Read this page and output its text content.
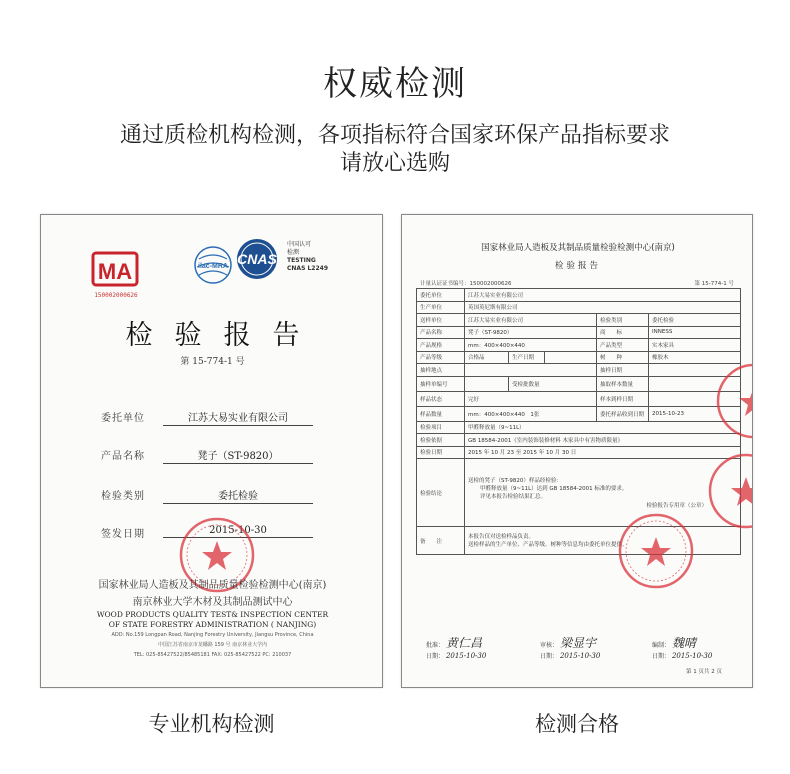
权威检测
通过质检机构检测，各项指标符合国家环保产品指标要求
请放心选购
MA
150002000626
ilac-MRA CNAS
中国认可
检测
TESTING
CNAS L2249
检验报告
第 15-774-1 号
委托单位	江苏大易实业有限公司
产品名称	凳子（ST-9820）
检验类别	委托检验
签发日期	2015-10-30
国家林业局人造板及其制品质量检验检测中心(南京)
南京林业大学木材及其制品测试中心
WOOD PRODUCTS QUALITY TEST& INSPECTION CENTER
OF STATE FORESTRY ADMINISTRATION ( NANJING)
ADD: No.159 Longpan Road, Nanjing Forestry University, Jiangsu Province, China
中国江苏省南京市龙蟠路 159 号 南京林业大学内
TEL: 025-85427522/85485181 FAX: 025-85427522 PC: 210037
专业机构检测
国家林业局人造板及其制品质量检验检测中心(南京)
检验报告
计量认证证书编号：150002000626	第 15-774-1 号
委托单位	江苏大易实业有限公司				
生产单位	英国英尼斯有限公司				
送样单位	江苏大易实业有限公司			检验类别	委托检验
产品名称	凳子（ST-9820）			商　　标	INNESS
产品规格	mm：400×400×440			产品类型	实木家具
产品等级	合格品	生产日期		树　　种	橡胶木
抽样地点				抽样日期	
抽样单编号		受检批数量		抽取样本数量	
样品状态	完好			样本到样日期	
样品数量	mm：400×400×440　1张			委托样品收到日期	2015-10-23
检验项目	甲醛释放量（9~11L）				
检验依据	GB 18584-2001《室内装饰装修材料 木家具中有害物质限量》				
检验日期	2015 年 10 月 23 至 2015 年 10 月 30 日				
检验结论	送检的凳子（ST-9820）样品经检验：
甲醛释放量（9~11L）达到 GB 18584-2001 标准的要求。
评见本报告检验结果汇总。
检验报告专用章（公章）				

备　　注	本报告仅对送检样品负责。
送检样品的生产单位、产品等级、树种等信息均由委托单位提供。				
批准： 黄仁昌	审核： 梁显宇	编制： 魏晴
日期： 2015-10-30	日期： 2015-10-30	日期： 2015-10-30
第 1 页共 2 页
检测合格
